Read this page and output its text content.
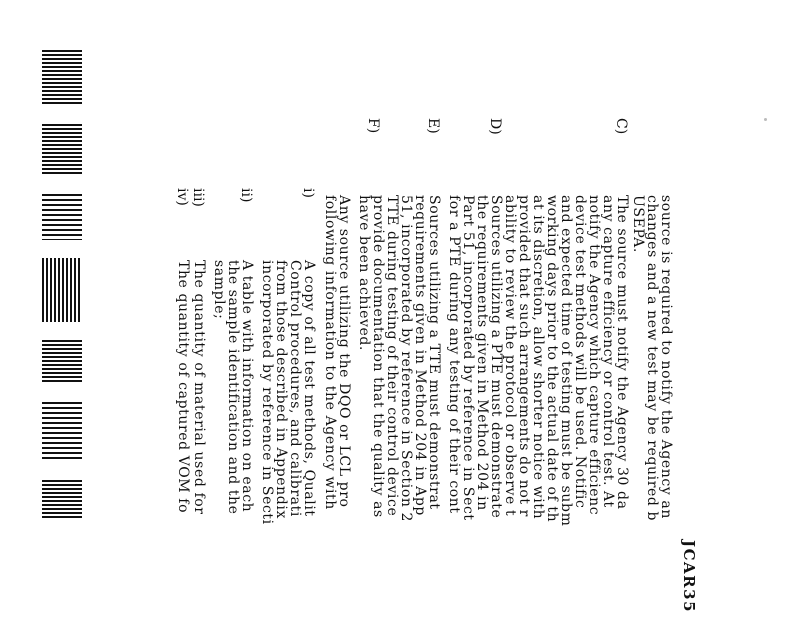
JCAR35
source is required to notify the Agency an
changes and a new test may be required b
USEPA.
C)
The source must notify the Agency 30 da
any capture efficiency or control test. At
notify the Agency which capture efficienc
device test methods will be used. Notific
and expected time of testing must be subm
working days prior to the actual date of th
at its discretion, allow shorter notice with
provided that such arrangements do not r
ability to review the protocol or observe t
D)
Sources utilizing a PTE must demonstrate
the requirements given in Method 204 in
Part 51, incorporated by reference in Sect
for a PTE during any testing of their cont
E)
Sources utilizing a TTE must demonstrat
requirements given in Method 204 in App
51, incorporated by reference in Section 2
TTE during testing of their control device
provide documentation that the quality as
have been achieved.
F)
Any source utilizing the DQO or LCL pro
following information to the Agency with
i)
A copy of all test methods, Qualit
Control procedures, and calibrati
from those described in Appendix
incorporated by reference in Secti
ii)
A table with information on each
the sample identification and the
sample;
iii)
The quantity of material used for
iv)
The quantity of captured VOM fo
